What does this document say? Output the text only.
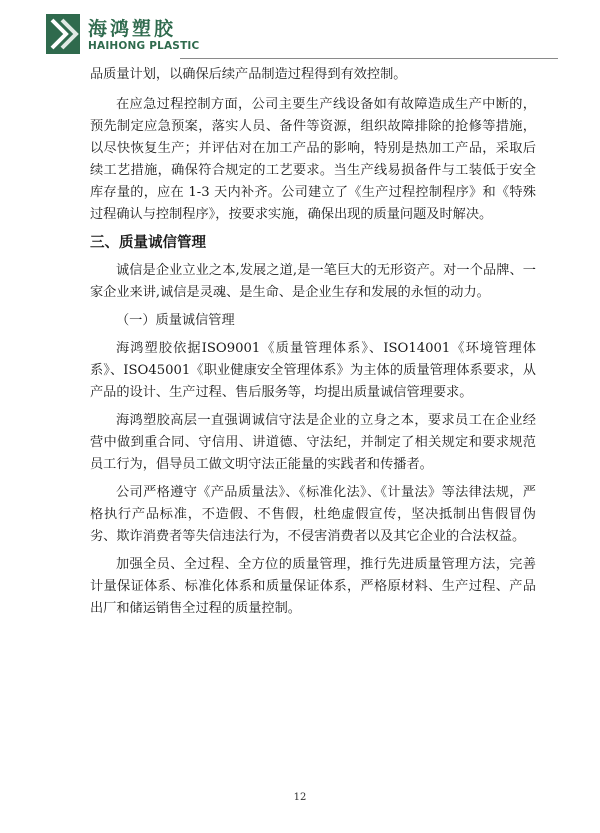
海鸿塑胶
HAIHONG PLASTIC

品质量计划，以确保后续产品制造过程得到有效控制。

在应急过程控制方面，公司主要生产线设备如有故障造成生产中断的，预先制定应急预案，落实人员、备件等资源，组织故障排除的抢修等措施，以尽快恢复生产；并评估对在加工产品的影响，特别是热加工产品，采取后续工艺措施，确保符合规定的工艺要求。当生产线易损备件与工装低于安全库存量的，应在 1-3 天内补齐。公司建立了《生产过程控制程序》和《特殊过程确认与控制程序》，按要求实施，确保出现的质量问题及时解决。

三、质量诚信管理

诚信是企业立业之本,发展之道,是一笔巨大的无形资产。对一个品牌、一家企业来讲,诚信是灵魂、是生命、是企业生存和发展的永恒的动力。

（一）质量诚信管理

海鸿塑胶依据ISO9001《质量管理体系》、ISO14001《环境管理体系》、ISO45001《职业健康安全管理体系》为主体的质量管理体系要求，从产品的设计、生产过程、售后服务等，均提出质量诚信管理要求。

海鸿塑胶高层一直强调诚信守法是企业的立身之本，要求员工在企业经营中做到重合同、守信用、讲道德、守法纪，并制定了相关规定和要求规范员工行为，倡导员工做文明守法正能量的实践者和传播者。

公司严格遵守《产品质量法》、《标准化法》、《计量法》等法律法规，严格执行产品标准，不造假、不售假，杜绝虚假宣传，坚决抵制出售假冒伪劣、欺诈消费者等失信违法行为，不侵害消费者以及其它企业的合法权益。

加强全员、全过程、全方位的质量管理，推行先进质量管理方法，完善计量保证体系、标准化体系和质量保证体系，严格原材料、生产过程、产品出厂和储运销售全过程的质量控制。

12
